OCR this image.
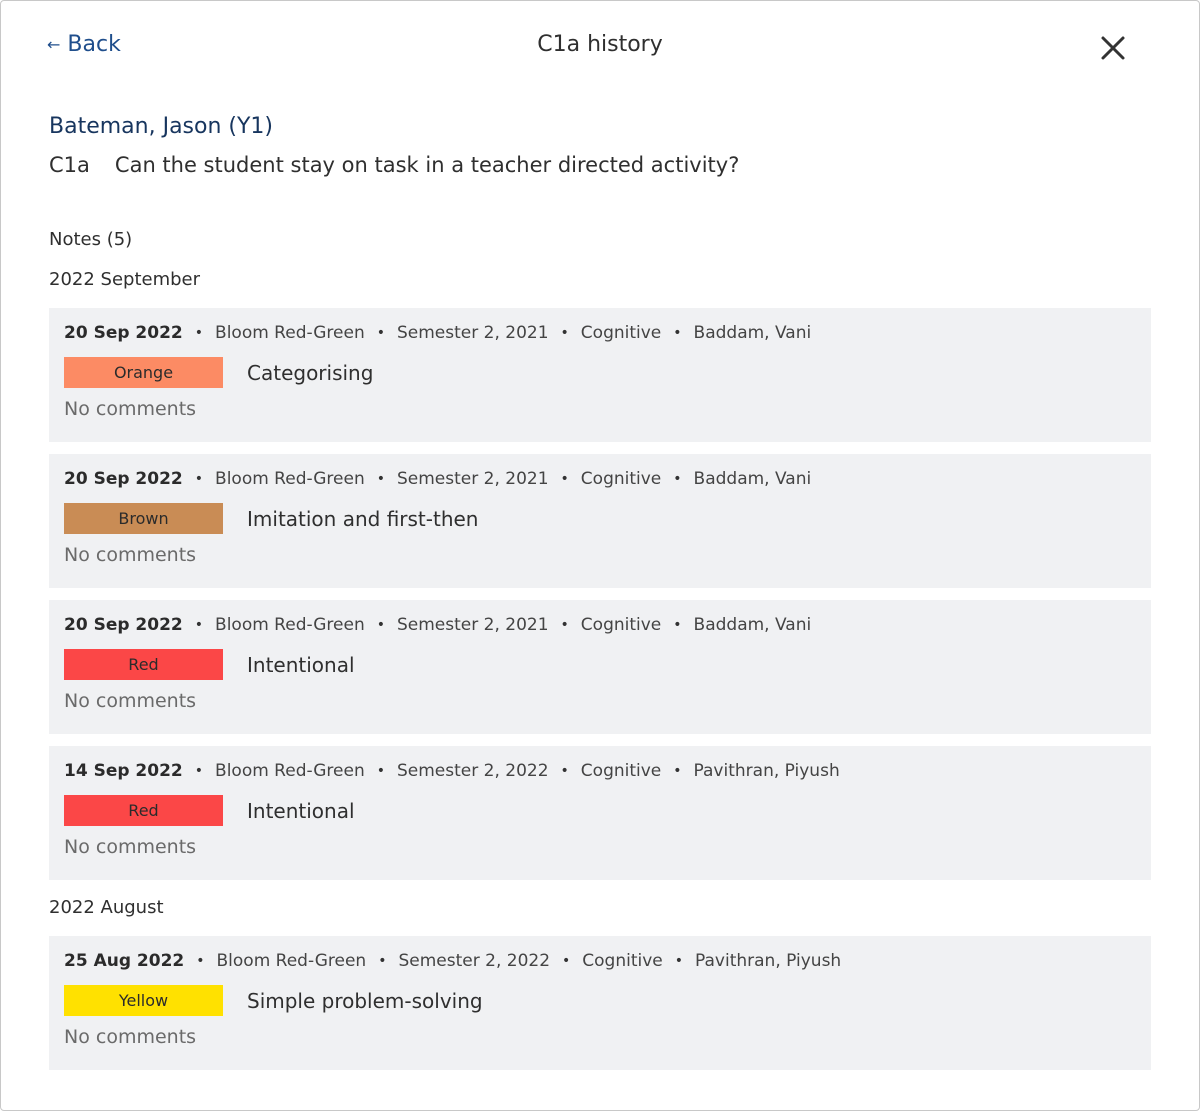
← Back	C1a history
Bateman, Jason (Y1)
C1a Can the student stay on task in a teacher directed activity?
Notes (5)
2022 September
20 Sep 2022 • Bloom Red-Green • Semester 2, 2021 • Cognitive • Baddam, Vani
Orange	Categorising
No comments
20 Sep 2022 • Bloom Red-Green • Semester 2, 2021 • Cognitive • Baddam, Vani
Brown	Imitation and first-then
No comments
20 Sep 2022 • Bloom Red-Green • Semester 2, 2021 • Cognitive • Baddam, Vani
Red	Intentional
No comments
14 Sep 2022 • Bloom Red-Green • Semester 2, 2022 • Cognitive • Pavithran, Piyush
Red	Intentional
No comments
2022 August
25 Aug 2022 • Bloom Red-Green • Semester 2, 2022 • Cognitive • Pavithran, Piyush
Yellow	Simple problem-solving
No comments
